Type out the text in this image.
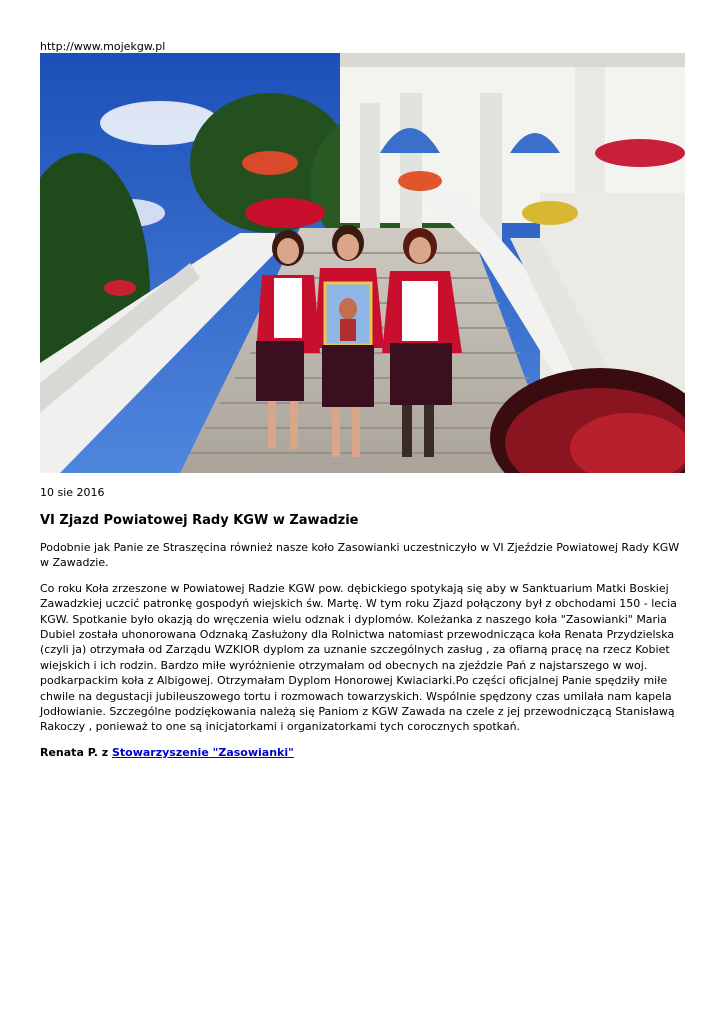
http://www.mojekgw.pl
10 sie 2016
VI Zjazd Powiatowej Rady KGW w Zawadzie

Podobnie jak Panie ze Straszęcina również nasze koło Zasowianki uczestniczyło w VI Zjeździe Powiatowej Rady KGW w Zawadzie.

Co roku Koła zrzeszone w Powiatowej Radzie KGW pow. dębickiego spotykają się aby w Sanktuarium Matki Boskiej Zawadzkiej uczcić patronkę gospodyń wiejskich św. Martę. W tym roku Zjazd połączony był z obchodami 150 - lecia KGW. Spotkanie było okazją do wręczenia wielu odznak i dyplomów. Koleżanka z naszego koła "Zasowianki" Maria Dubiel została uhonorowana Odznaką Zasłużony dla Rolnictwa natomiast przewodnicząca koła Renata Przydzielska (czyli ja) otrzymała od Zarządu WZKIOR dyplom za uznanie szczególnych zasług , za ofiarną pracę na rzecz Kobiet wiejskich i ich rodzin. Bardzo miłe wyróżnienie otrzymałam od obecnych na zjeździe Pań z najstarszego w woj. podkarpackim koła z Albigowej. Otrzymałam Dyplom Honorowej Kwiaciarki.Po części oficjalnej Panie spędziły miłe chwile na degustacji jubileuszowego tortu i rozmowach towarzyskich. Wspólnie spędzony czas umilała nam kapela Jodłowianie. Szczególne podziękowania należą się Paniom z KGW Zawada na czele z jej przewodniczącą Stanisławą Rakoczy , ponieważ to one są inicjatorkami i organizatorkami tych corocznych spotkań.

Renata P. z Stowarzyszenie "Zasowianki"
